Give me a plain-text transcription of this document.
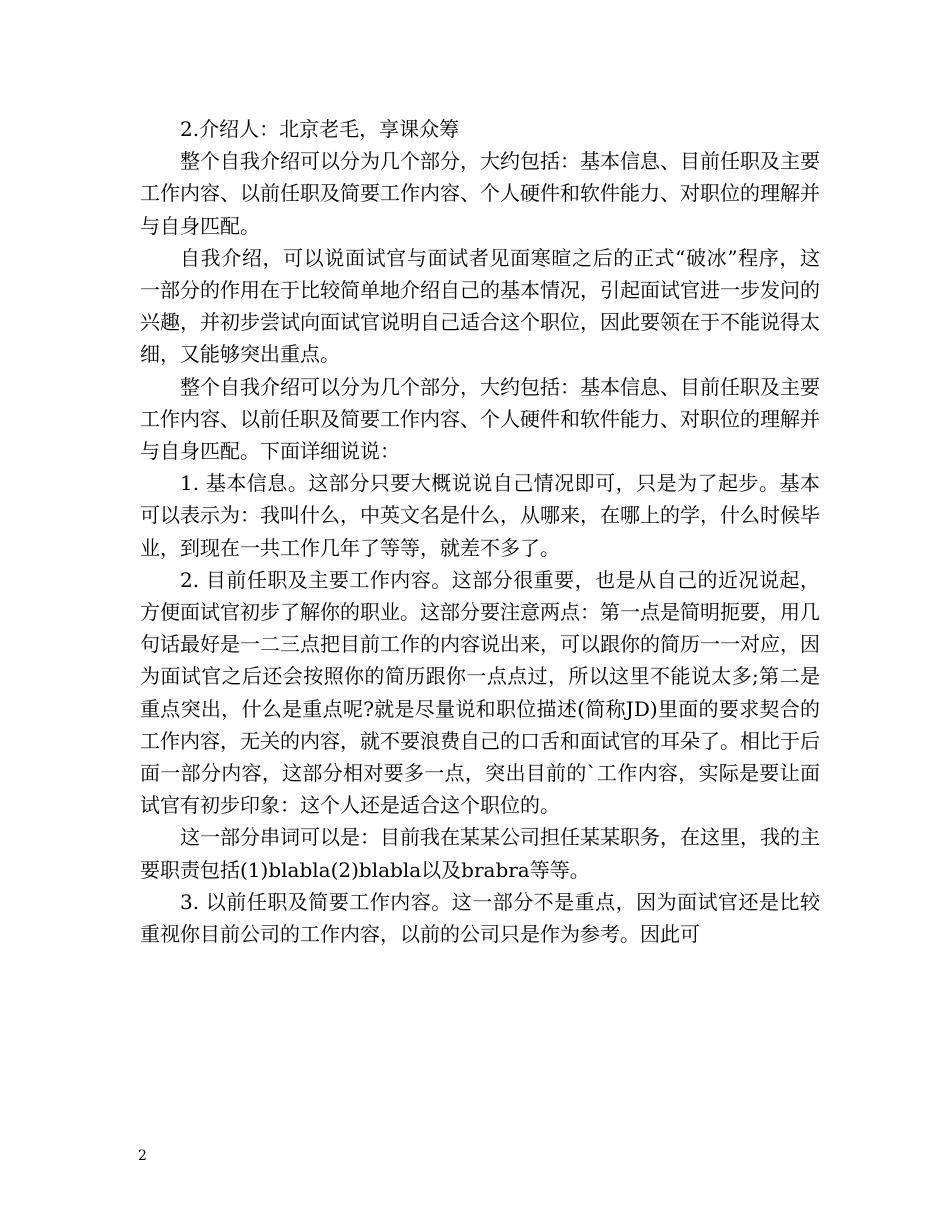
2.介绍人：北京老毛，享课众筹

整个自我介绍可以分为几个部分，大约包括：基本信息、目前任职及主要工作内容、以前任职及简要工作内容、个人硬件和软件能力、对职位的理解并与自身匹配。

自我介绍，可以说面试官与面试者见面寒暄之后的正式“破冰”程序，这一部分的作用在于比较简单地介绍自己的基本情况，引起面试官进一步发问的兴趣，并初步尝试向面试官说明自己适合这个职位，因此要领在于不能说得太细，又能够突出重点。

整个自我介绍可以分为几个部分，大约包括：基本信息、目前任职及主要工作内容、以前任职及简要工作内容、个人硬件和软件能力、对职位的理解并与自身匹配。下面详细说说：

1. 基本信息。这部分只要大概说说自己情况即可，只是为了起步。基本可以表示为：我叫什么，中英文名是什么，从哪来，在哪上的学，什么时候毕业，到现在一共工作几年了等等，就差不多了。

2. 目前任职及主要工作内容。这部分很重要，也是从自己的近况说起，方便面试官初步了解你的职业。这部分要注意两点：第一点是简明扼要，用几句话最好是一二三点把目前工作的内容说出来，可以跟你的简历一一对应，因为面试官之后还会按照你的简历跟你一点点过，所以这里不能说太多;第二是重点突出，什么是重点呢?就是尽量说和职位描述(简称JD)里面的要求契合的工作内容，无关的内容，就不要浪费自己的口舌和面试官的耳朵了。相比于后面一部分内容，这部分相对要多一点，突出目前的`工作内容，实际是要让面试官有初步印象：这个人还是适合这个职位的。

这一部分串词可以是：目前我在某某公司担任某某职务，在这里，我的主要职责包括(1)blabla(2)blabla以及brabra等等。

3. 以前任职及简要工作内容。这一部分不是重点，因为面试官还是比较重视你目前公司的工作内容，以前的公司只是作为参考。因此可

2
